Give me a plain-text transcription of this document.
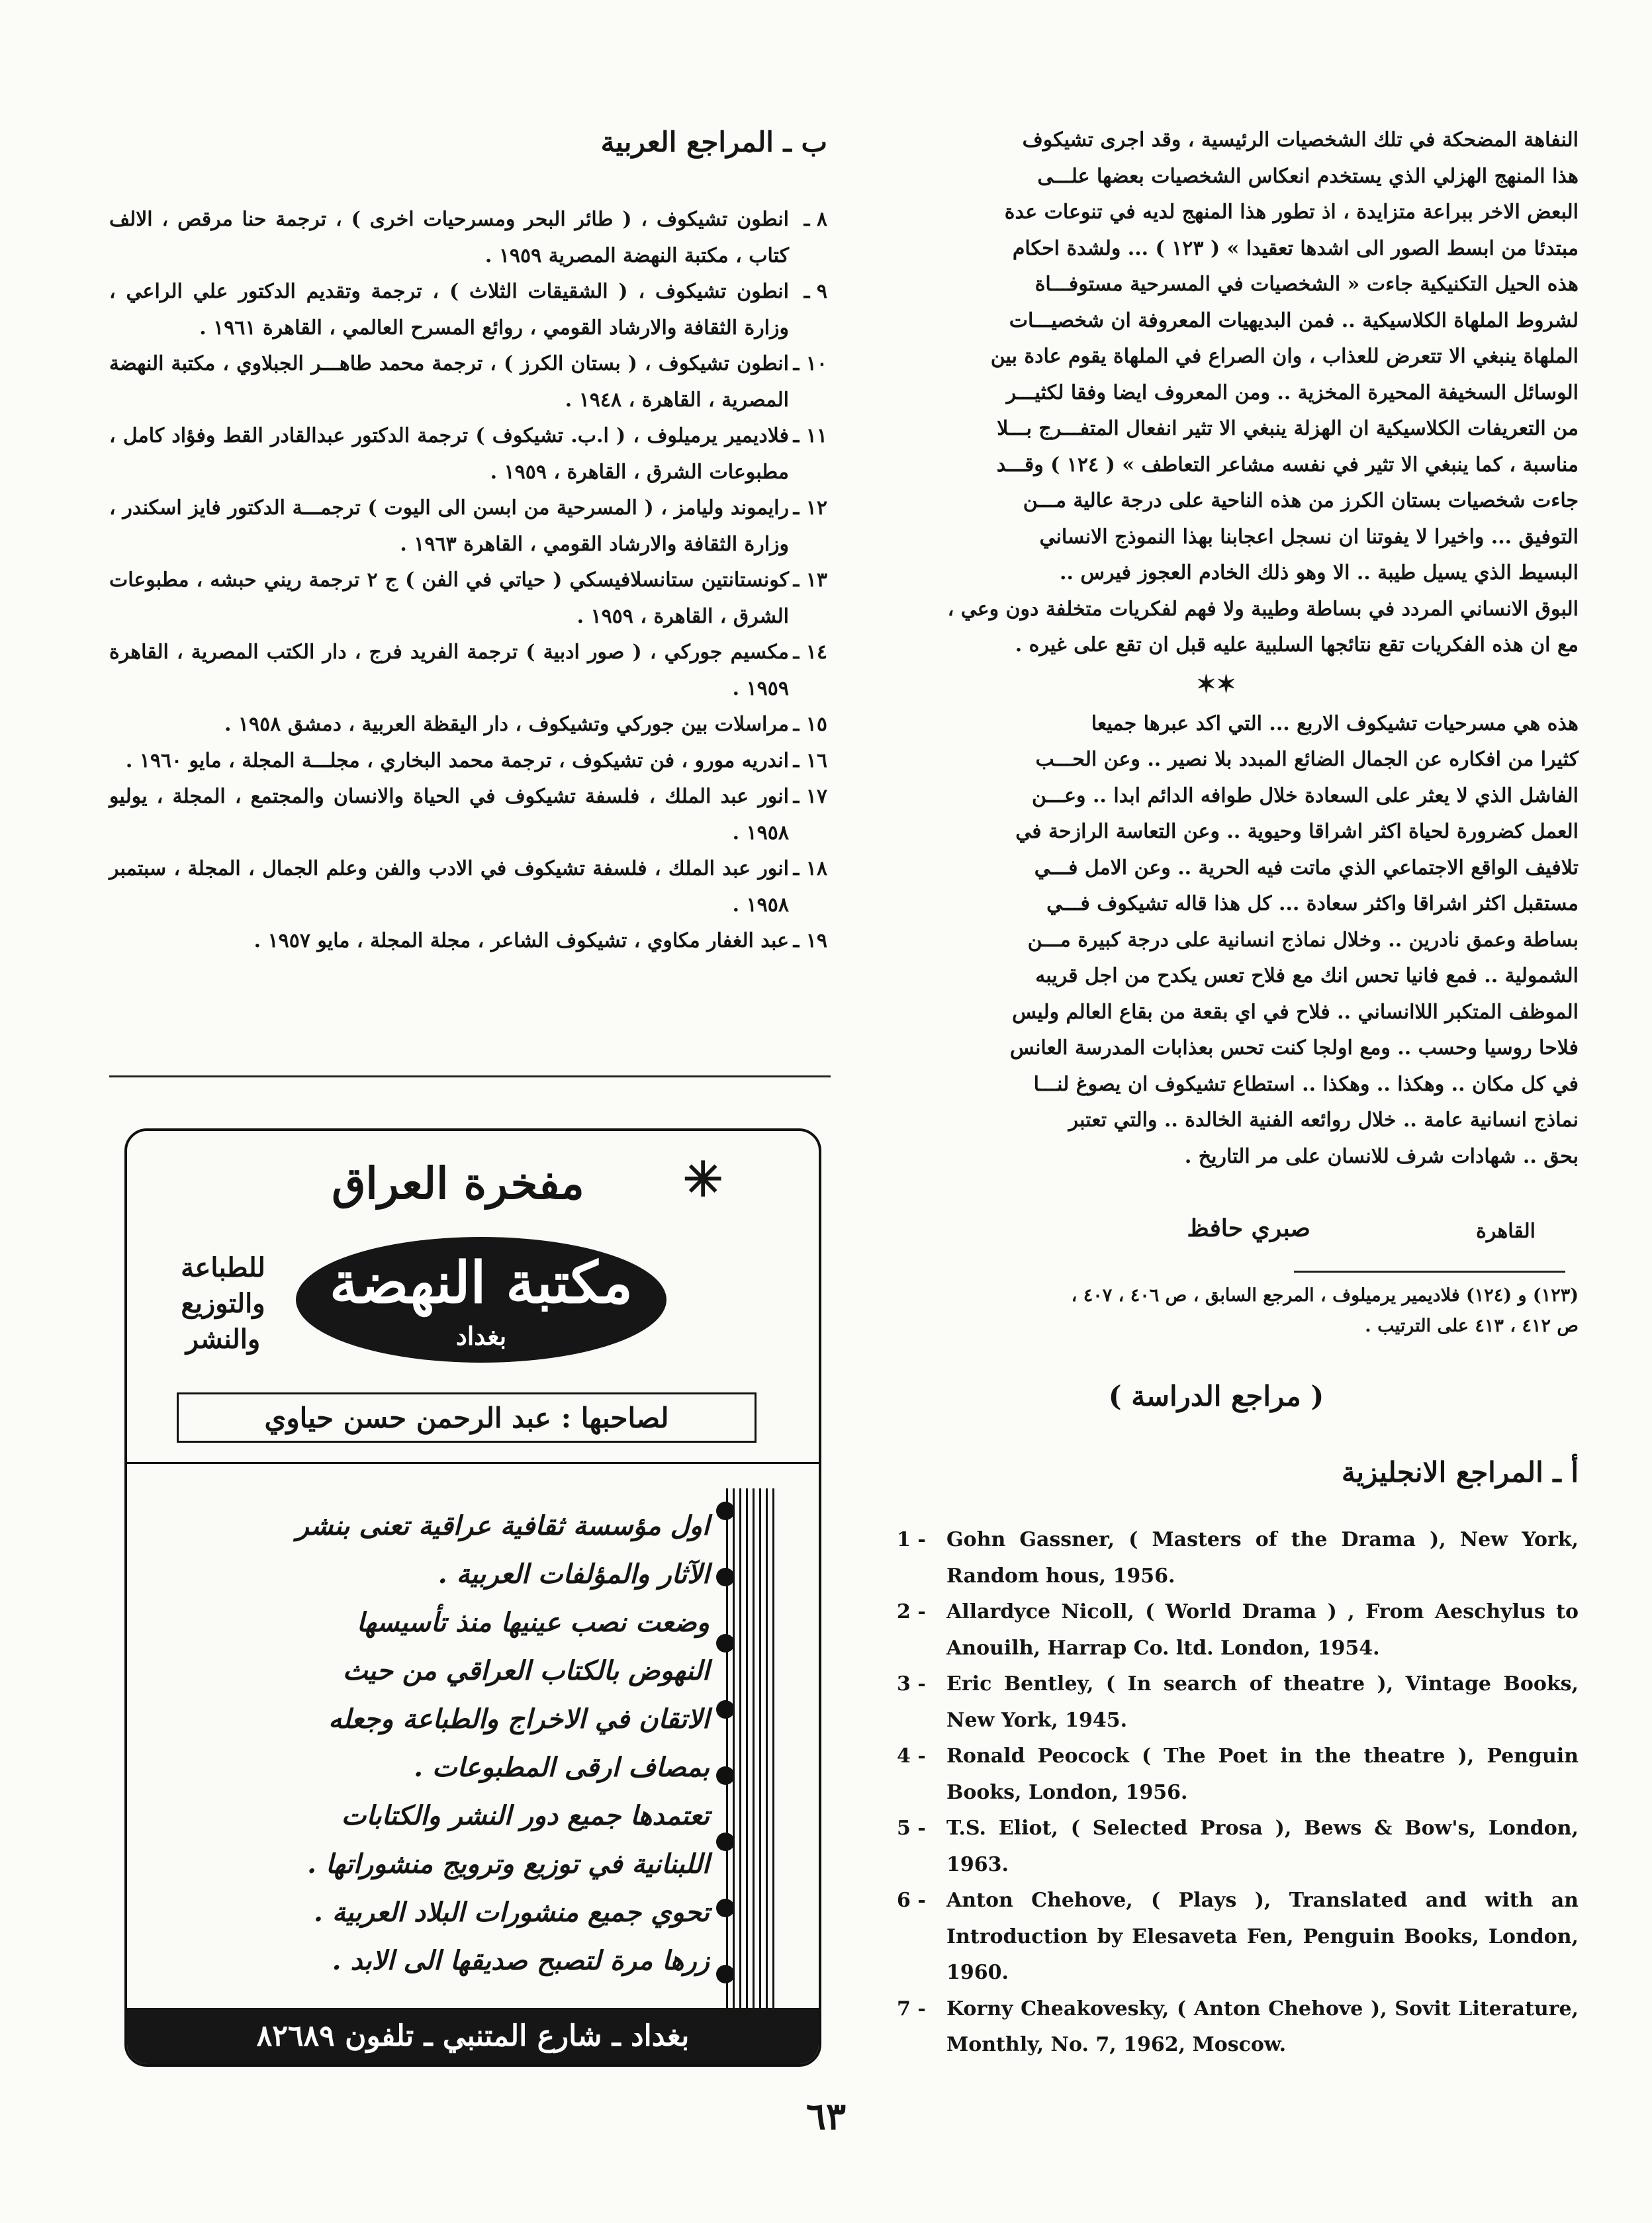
النفاهة المضحكة في تلك الشخصيات الرئيسية ، وقد اجرى تشيكوف

هذا المنهج الهزلي الذي يستخدم انعكاس الشخصيات بعضها علـــى

البعض الاخر ببراعة متزايدة ، اذ تطور هذا المنهج لديه في تنوعات عدة

مبتدئا من ابسط الصور الى اشدها تعقيدا » ( ١٢٣ ) ... ولشدة احكام

هذه الحيل التكنيكية جاءت « الشخصيات في المسرحية مستوفـــاة

لشروط الملهاة الكلاسيكية .. فمن البديهيات المعروفة ان شخصيـــات

الملهاة ينبغي الا تتعرض للعذاب ، وان الصراع في الملهاة يقوم عادة بين

الوسائل السخيفة المحيرة المخزية .. ومن المعروف ايضا وفقا لكثيـــر

من التعريفات الكلاسيكية ان الهزلة ينبغي الا تثير انفعال المتفـــرج بـــلا

مناسبة ، كما ينبغي الا تثير في نفسه مشاعر التعاطف » ( ١٢٤ ) وقـــد

جاءت شخصيات بستان الكرز من هذه الناحية على درجة عالية مـــن

التوفيق ... واخيرا لا يفوتنا ان نسجل اعجابنا بهذا النموذج الانساني

البسيط الذي يسيل طيبة .. الا وهو ذلك الخادم العجوز فيرس ..

البوق الانساني المردد في بساطة وطيبة ولا فهم لفكريات متخلفة دون وعي ،

مع ان هذه الفكريات تقع نتائجها السلبية عليه قبل ان تقع على غيره .

✶✶

هذه هي مسرحيات تشيكوف الاربع ... التي اكد عبرها جميعا

كثيرا من افكاره عن الجمال الضائع المبدد بلا نصير .. وعن الحـــب

الفاشل الذي لا يعثر على السعادة خلال طوافه الدائم ابدا .. وعـــن

العمل كضرورة لحياة اكثر اشراقا وحيوية .. وعن التعاسة الرازحة في

تلافيف الواقع الاجتماعي الذي ماتت فيه الحرية .. وعن الامل فـــي

مستقبل اكثر اشراقا واكثر سعادة ... كل هذا قاله تشيكوف فـــي

بساطة وعمق نادرين .. وخلال نماذج انسانية على درجة كبيرة مـــن

الشمولية .. فمع فانيا تحس انك مع فلاح تعس يكدح من اجل قريبه

الموظف المتكبر اللاانساني .. فلاح في اي بقعة من بقاع العالم وليس

فلاحا روسيا وحسب .. ومع اولجا كنت تحس بعذابات المدرسة العانس

في كل مكان .. وهكذا .. وهكذا .. استطاع تشيكوف ان يصوغ لنـــا

نماذج انسانية عامة .. خلال روائعه الفنية الخالدة .. والتي تعتبر

بحق .. شهادات شرف للانسان على مر التاريخ .

صبري حافظ	القاهرة

(١٢٣) و (١٢٤) فلاديمير يرميلوف ، المرجع السابق ، ص ٤٠٦ ، ٤٠٧ ،

ص ٤١٢ ، ٤١٣ على الترتيب .

( مراجع الدراسة )
أ ـ المراجع الانجليزية
1 -	Gohn Gassner, ( Masters of the Drama ), New York, Random hous, 1956.
2 -	Allardyce Nicoll, ( World Drama ) , From Aeschylus to Anouilh, Harrap Co. ltd. London, 1954.
3 -	Eric Bentley, ( In search of theatre ), Vintage Books, New York, 1945.
4 -	Ronald Peocock ( The Poet in the theatre ), Penguin Books, London, 1956.
5 -	T.S. Eliot, ( Selected Prosa ), Bews & Bow's, London, 1963.
6 -	Anton Chehove, ( Plays ), Translated and with an Introduction by Elesaveta Fen, Penguin Books, London, 1960.
7 -	Korny Cheakovesky, ( Anton Chehove ), Sovit Literature, Monthly, No. 7, 1962, Moscow.
ب ـ المراجع العربية
٨ ـ
انطون تشيكوف ، ( طائر البحر ومسرحيات اخرى ) ، ترجمة حنا مرقص ، الالف كتاب ، مكتبة النهضة المصرية ١٩٥٩ .
٩ ـ
انطون تشيكوف ، ( الشقيقات الثلاث ) ، ترجمة وتقديم الدكتور علي الراعي ، وزارة الثقافة والارشاد القومي ، روائع المسرح العالمي ، القاهرة ١٩٦١ .
١٠ ـ
انطون تشيكوف ، ( بستان الكرز ) ، ترجمة محمد طاهـــر الجبلاوي ، مكتبة النهضة المصرية ، القاهرة ، ١٩٤٨ .
١١ ـ
فلاديمير يرميلوف ، ( ا.ب. تشيكوف ) ترجمة الدكتور عبدالقادر القط وفؤاد كامل ، مطبوعات الشرق ، القاهرة ، ١٩٥٩ .
١٢ ـ
رايموند وليامز ، ( المسرحية من ابسن الى اليوت ) ترجمـــة الدكتور فايز اسكندر ، وزارة الثقافة والارشاد القومي ، القاهرة ١٩٦٣ .
١٣ ـ
كونستانتين ستانسلافيسكي ( حياتي في الفن ) ج ٢ ترجمة ريني حبشه ، مطبوعات الشرق ، القاهرة ، ١٩٥٩ .
١٤ ـ
مكسيم جوركي ، ( صور ادبية ) ترجمة الفريد فرج ، دار الكتب المصرية ، القاهرة ١٩٥٩ .
١٥ ـ
مراسلات بين جوركي وتشيكوف ، دار اليقظة العربية ، دمشق ١٩٥٨ .
١٦ ـ
اندريه مورو ، فن تشيكوف ، ترجمة محمد البخاري ، مجلـــة المجلة ، مايو ١٩٦٠ .
١٧ ـ
انور عبد الملك ، فلسفة تشيكوف في الحياة والانسان والمجتمع ، المجلة ، يوليو ١٩٥٨ .
١٨ ـ
انور عبد الملك ، فلسفة تشيكوف في الادب والفن وعلم الجمال ، المجلة ، سبتمبر ١٩٥٨ .
١٩ ـ
عبد الغفار مكاوي ، تشيكوف الشاعر ، مجلة المجلة ، مايو ١٩٥٧ .
✳
مفخرة العراق
للطباعة والتوزيع والنشر
مكتبة النهضة
بغداد
لصاحبها : عبد الرحمن حسن حياوي

اول مؤسسة ثقافية عراقية تعنى بنشر

الآثار والمؤلفات العربية .

وضعت نصب عينيها منذ تأسيسها

النهوض بالكتاب العراقي من حيث

الاتقان في الاخراج والطباعة وجعله

بمصاف ارقى المطبوعات .

تعتمدها جميع دور النشر والكتابات

اللبنانية في توزيع وترويج منشوراتها .

تحوي جميع منشورات البلاد العربية .

زرها مرة لتصبح صديقها الى الابد .

بغداد ـ شارع المتنبي ـ تلفون ٨٢٦٨٩
٦٣
